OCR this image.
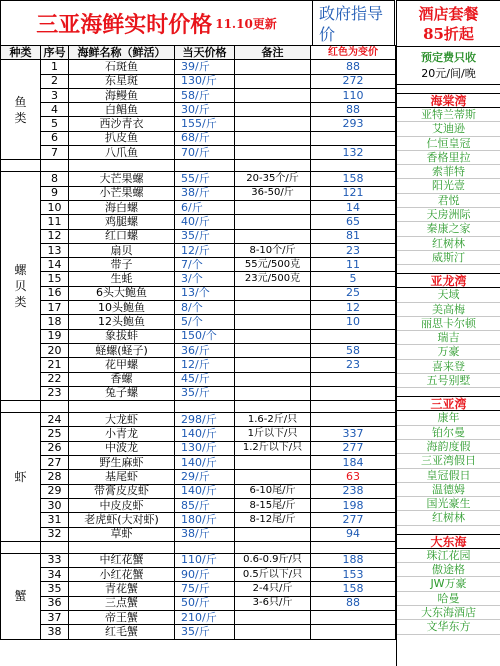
三亚海鲜实时价格 11.10更新
政府指导价
种类	序号	海鲜名称（鲜活）	当天价格	备注	红色为变价
鱼
类	1	石斑鱼	39/斤		88
	2	东星斑	130/斤		272
	3	海鳗鱼	58/斤		110
	4	白鲳鱼	30/斤		88
	5	西沙青衣	155/斤		293
	6	扒皮鱼	68/斤		
	7	八爪鱼	70/斤		132

螺
贝
类	8	大芒果螺	55/斤	20-35个/斤	158
	9	小芒果螺	38/斤	36-50/斤	121
	10	海白螺	6/斤		14
	11	鸡腿螺	40/斤		65
	12	红口螺	35/斤		81
	13	扇贝	12/斤	8-10个/斤	23
	14	带子	7/个	55元/500克	11
	15	生蚝	3/个	23元/500克	5
	16	6头大鲍鱼	13/个		25
	17	10头鲍鱼	8/个		12
	18	12头鲍鱼	5/个		10
	19	象拔蚌	150/个		
	20	蛏螺(蛏子)	36/斤		58
	21	花甲螺	12/斤		23
	22	香螺	45/斤		
	23	兔子螺	35/斤		

虾	24	大龙虾	298/斤	1.6-2斤/只	
	25	小青龙	140/斤	1斤以下/只	337
	26	中波龙	130/斤	1.2斤以下/只	277
	27	野生麻虾	140/斤		184
	28	基尾虾	29/斤		63
	29	带膏皮皮虾	140/斤	6-10尾/斤	238
	30	中皮皮虾	85/斤	8-15尾/斤	198
	31	老虎虾(大对虾)	180/斤	8-12尾/斤	277
	32	草虾	38/斤		94

蟹	33	中红花蟹	110/斤	0.6-0.9斤/只	188
	34	小红花蟹	90/斤	0.5斤以下/只	153
	35	青花蟹	75/斤	2-4只/斤	158
	36	三点蟹	50/斤	3-6只/斤	88
	37	帝王蟹	210/斤		
	38	红毛蟹	35/斤		
酒店套餐
85折起
预定费只收
20元/间/晚
海棠湾
亚特兰蒂斯
艾迪逊
仁恒皇冠
香格里拉
索菲特
阳光壹
君悦
天房洲际
秦康之家
红树林
威斯汀
亚龙湾
天域
美高梅
丽思卡尔顿
瑞吉
万豪
喜来登
五号别墅
三亚湾
康年
铂尔曼
海韵度假
三亚湾假日
皇冠假日
温德姆
国光豪生
红树林
大东海
珠江花园
傲途格
JW万豪
哈曼
大东海酒店
文华东方
